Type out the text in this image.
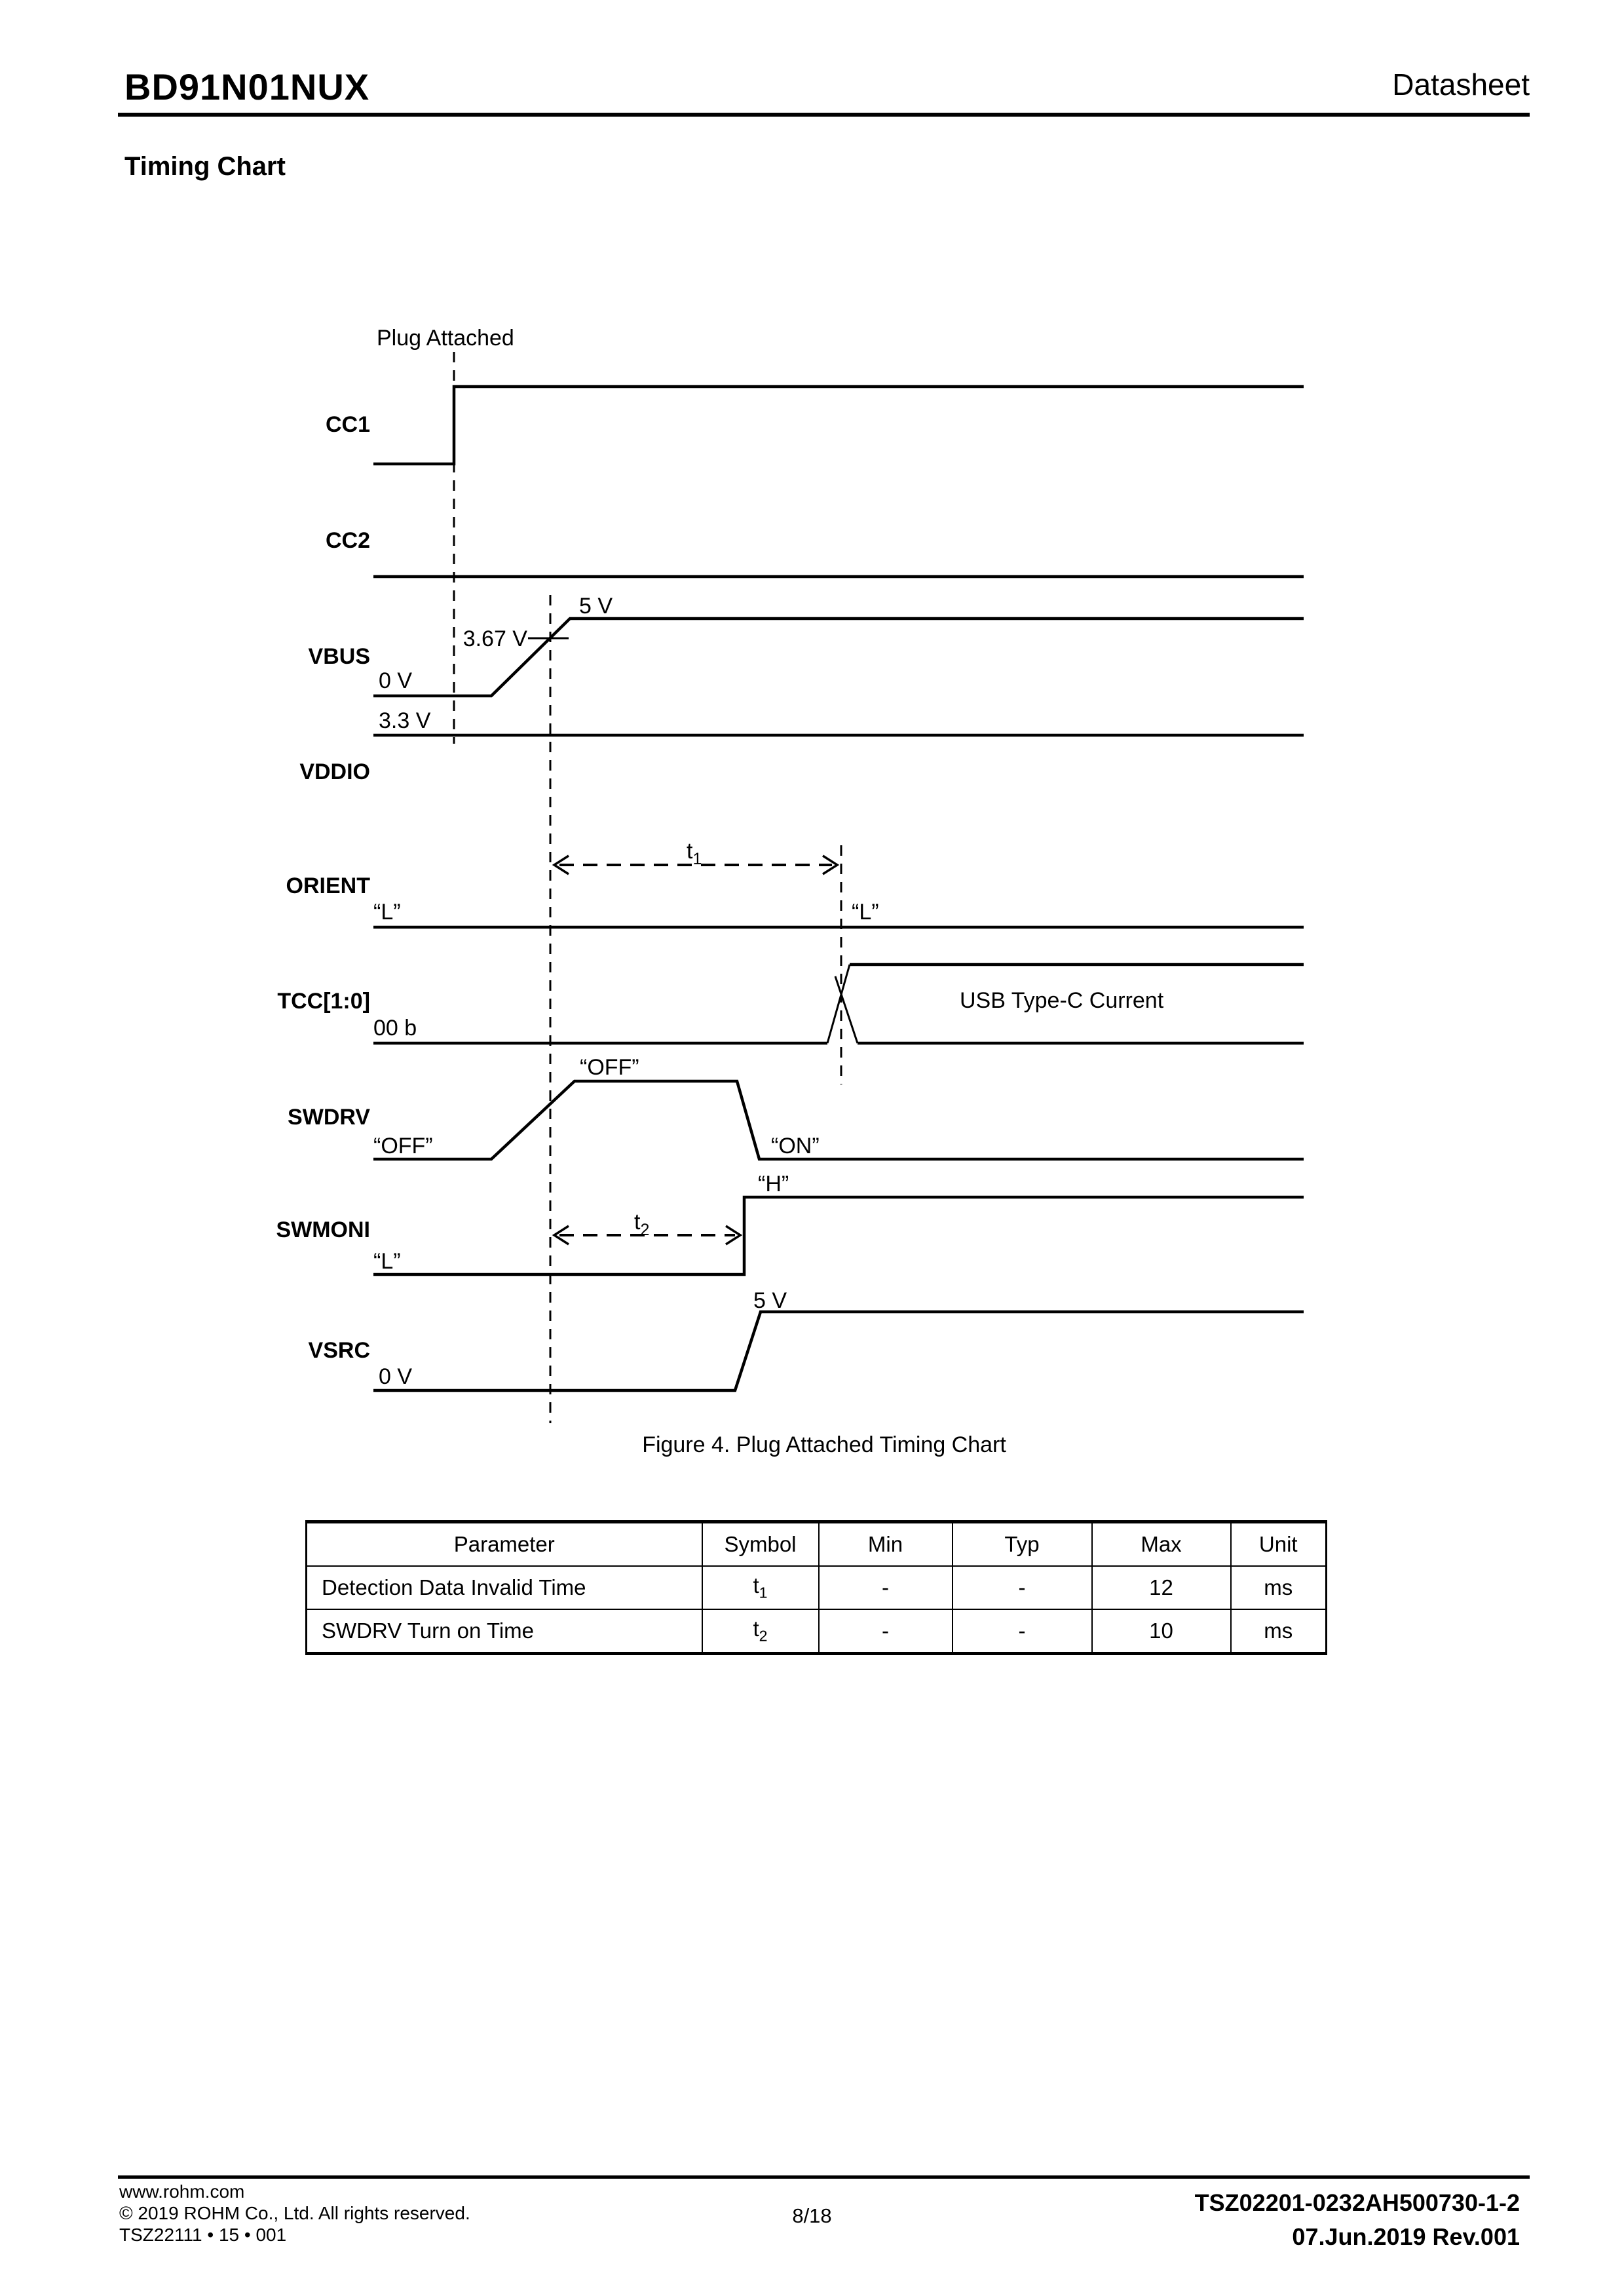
BD91N01NUX	Datasheet
Timing Chart
Plug Attached
CC1
CC2
VBUS
5 V
3.67 V
0 V
VDDIO
3.3 V
$t_1$
ORIENT
“L”	“L”
TCC[1:0]
00 b
USB Type-C Current
SWDRV
“OFF”
“OFF”	“ON”
$t_2$
SWMONI
“H”
“L”
VSRC
5 V
0 V
Figure 4. Plug Attached Timing Chart
Parameter	Symbol	Min	Typ	Max	Unit
Detection Data Invalid Time	$t_1$	-	-	12	ms
SWDRV Turn on Time	$t_2$	-	-	10	ms
www.rohm.com
© 2019 ROHM Co., Ltd. All rights reserved.
TSZ22111 • 15 • 001
8/18	TSZ02201-0232AH500730-1-2
07.Jun.2019 Rev.001
